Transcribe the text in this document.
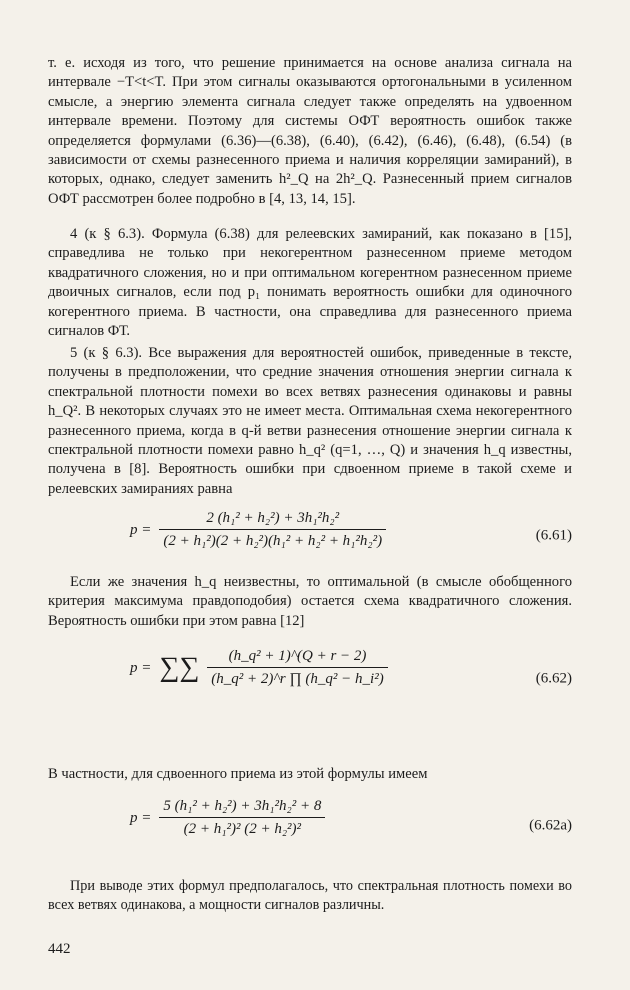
т. е. исходя из того, что решение принимается на основе анализа сигнала на интервале −T<t<T. При этом сигналы оказываются ортогональными в усиленном смысле, а энергию элемента сигнала следует также определять на удвоенном интервале времени. Поэтому для системы ОФТ вероятность ошибок также определяется формулами (6.36)—(6.38), (6.40), (6.42), (6.46), (6.48), (6.54) (в зависимости от схемы разнесенного приема и наличия корреляции замираний), в которых, однако, следует заменить h²_Q на 2h²_Q. Разнесенный прием сигналов ОФТ рассмотрен более подробно в [4, 13, 14, 15].
4 (к § 6.3). Формула (6.38) для релеевских замираний, как показано в [15], справедлива не только при некогерентном разнесенном приеме методом квадратичного сложения, но и при оптимальном когерентном разнесенном приеме двоичных сигналов, если под p₁ понимать вероятность ошибки для одиночного когерентного приема. В частности, она справедлива для разнесенного приема сигналов ФТ.
5 (к § 6.3). Все выражения для вероятностей ошибок, приведенные в тексте, получены в предположении, что средние значения отношения энергии сигнала к спектральной плотности помехи во всех ветвях разнесения одинаковы и равны h_Q². В некоторых случаях это не имеет места. Оптимальная схема некогерентного разнесенного приема, когда в q-й ветви разнесения отношение энергии сигнала к спектральной плотности помехи равно h_q² (q=1, …, Q) и значения h_q известны, получена в [8]. Вероятность ошибки при сдвоенном приеме в такой схеме и релеевских замираниях равна
$p = \frac{\text{2 (h₁² + h₂²) + 3h₁²h₂²}}{\text{(2 + h₁²)(2 + h₂²)(h₁² + h₂² + h₁²h₂²)}}$	(6.61)
Если же значения h_q неизвестны, то оптимальной (в смысле обобщенного критерия максимума правдоподобия) остается схема квадратичного сложения. Вероятность ошибки при этом равна [12]
p = ∑∑ $\frac{\text{(h\_q² + 1)\textasciicircum{}(Q + r − 2)}}{\text{(h\_q² + 2)\textasciicircum{}r ∏ (h\_q² − h\_i²)}}$	(6.62)
В частности, для сдвоенного приема из этой формулы имеем
$p = \frac{\text{5 (h₁² + h₂²) + 3h₁²h₂² + 8}}{\text{(2 + h₁²)² (2 + h₂²)²}}$	(6.62a)
При выводе этих формул предполагалось, что спектральная плотность помехи во всех ветвях одинакова, а мощности сигналов различны.
442
